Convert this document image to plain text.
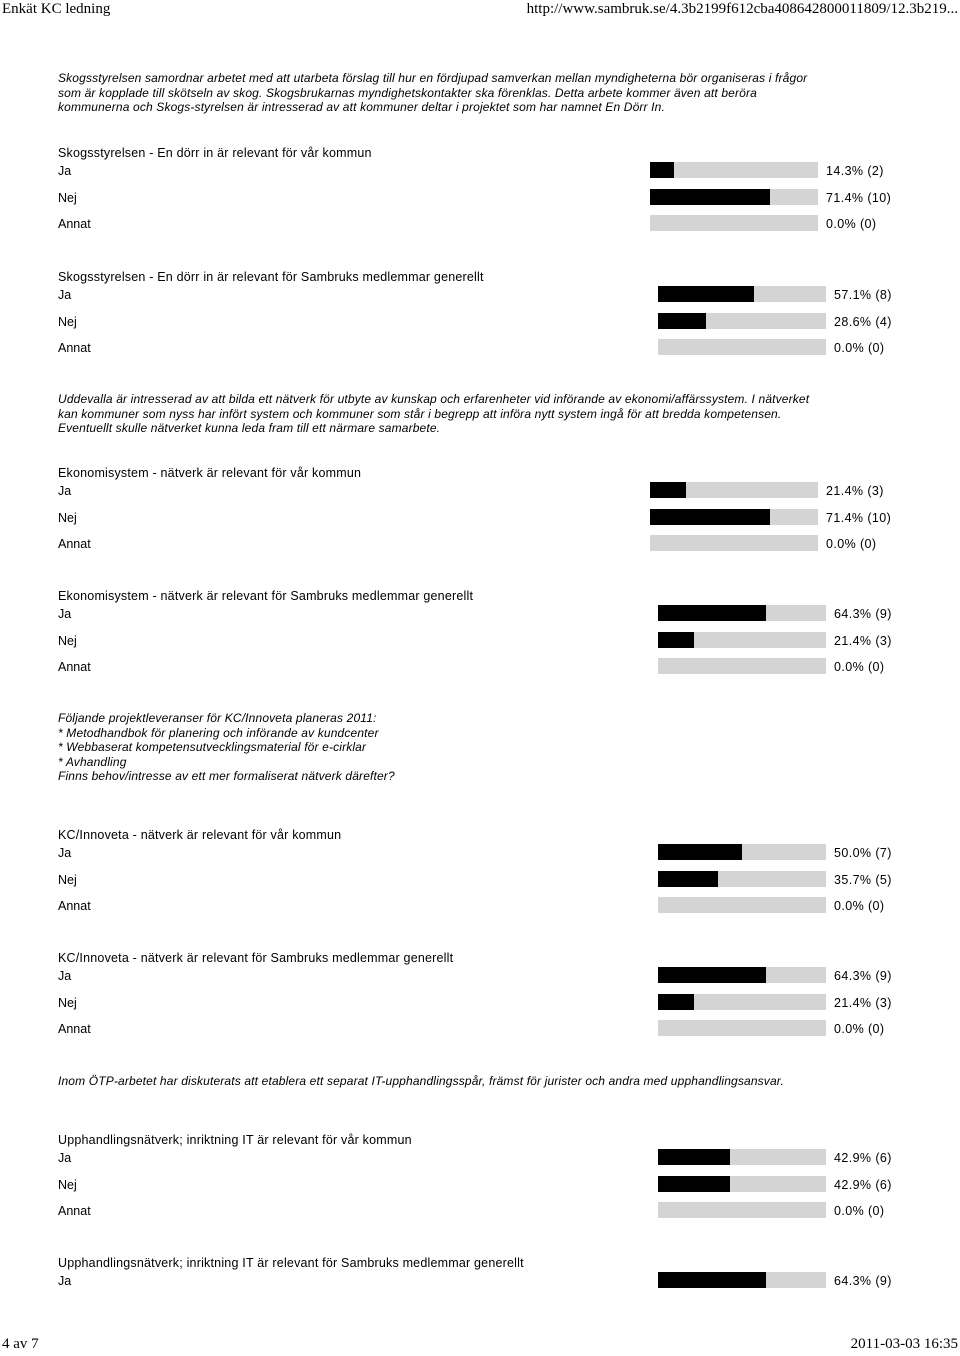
Enkät KC ledning	http://www.sambruk.se/4.3b2199f612cba408642800011809/12.3b219...
Skogsstyrelsen samordnar arbetet med att utarbeta förslag till hur en fördjupad samverkan mellan myndigheterna bör organiseras i frågor
som är kopplade till skötseln av skog. Skogsbrukarnas myndighetskontakter ska förenklas. Detta arbete kommer även att beröra
kommunerna och Skogs-styrelsen är intresserad av att kommuner deltar i projektet som har namnet En Dörr In.
Skogsstyrelsen - En dörr in är relevant för vår kommun
Ja	14.3% (2)
Nej	71.4% (10)
Annat	0.0% (0)
Skogsstyrelsen - En dörr in är relevant för Sambruks medlemmar generellt
Ja	57.1% (8)
Nej	28.6% (4)
Annat	0.0% (0)
Uddevalla är intresserad av att bilda ett nätverk för utbyte av kunskap och erfarenheter vid införande av ekonomi/affärssystem. I nätverket
kan kommuner som nyss har infört system och kommuner som står i begrepp att införa nytt system ingå för att bredda kompetensen.
Eventuellt skulle nätverket kunna leda fram till ett närmare samarbete.
Ekonomisystem - nätverk är relevant för vår kommun
Ja	21.4% (3)
Nej	71.4% (10)
Annat	0.0% (0)
Ekonomisystem - nätverk är relevant för Sambruks medlemmar generellt
Ja	64.3% (9)
Nej	21.4% (3)
Annat	0.0% (0)
Följande projektleveranser för KC/Innoveta planeras 2011:
* Metodhandbok för planering och införande av kundcenter
* Webbaserat kompetensutvecklingsmaterial för e-cirklar
* Avhandling
Finns behov/intresse av ett mer formaliserat nätverk därefter?
KC/Innoveta - nätverk är relevant för vår kommun
Ja	50.0% (7)
Nej	35.7% (5)
Annat	0.0% (0)
KC/Innoveta - nätverk är relevant för Sambruks medlemmar generellt
Ja	64.3% (9)
Nej	21.4% (3)
Annat	0.0% (0)
Inom ÖTP-arbetet har diskuterats att etablera ett separat IT-upphandlingsspår, främst för jurister och andra med upphandlingsansvar.
Upphandlingsnätverk; inriktning IT är relevant för vår kommun
Ja	42.9% (6)
Nej	42.9% (6)
Annat	0.0% (0)
Upphandlingsnätverk; inriktning IT är relevant för Sambruks medlemmar generellt
Ja	64.3% (9)
4 av 7	2011-03-03 16:35
